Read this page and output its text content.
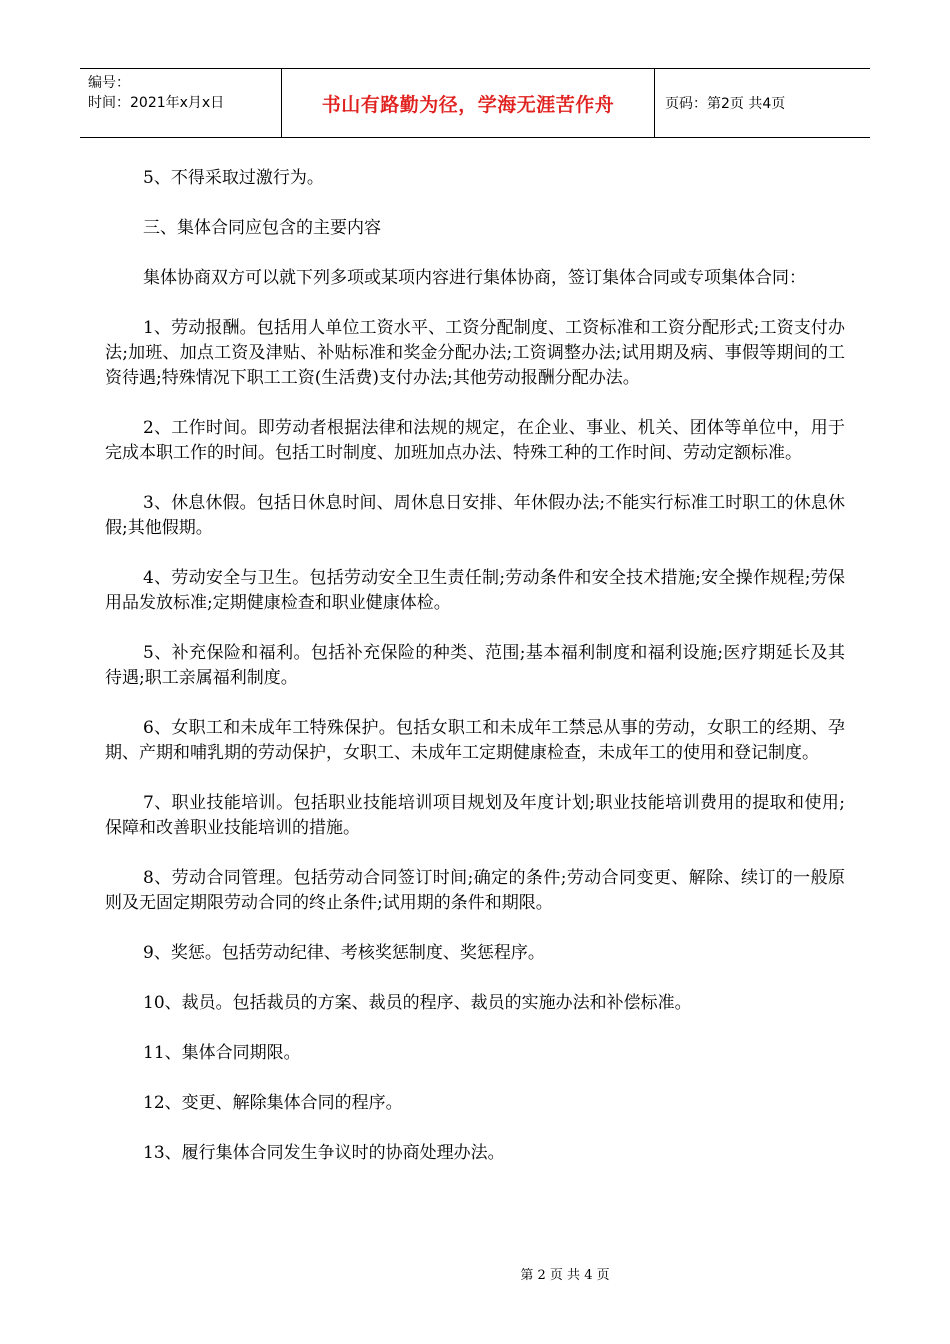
编号：
时间：2021年x月x日	书山有路勤为径，学海无涯苦作舟	页码：第2页 共4页

5、不得采取过激行为。

三、集体合同应包含的主要内容

集体协商双方可以就下列多项或某项内容进行集体协商，签订集体合同或专项集体合同：

1、劳动报酬。包括用人单位工资水平、工资分配制度、工资标准和工资分配形式;工资支付办法;加班、加点工资及津贴、补贴标准和奖金分配办法;工资调整办法;试用期及病、事假等期间的工资待遇;特殊情况下职工工资(生活费)支付办法;其他劳动报酬分配办法。

2、工作时间。即劳动者根据法律和法规的规定，在企业、事业、机关、团体等单位中，用于完成本职工作的时间。包括工时制度、加班加点办法、特殊工种的工作时间、劳动定额标准。

3、休息休假。包括日休息时间、周休息日安排、年休假办法;不能实行标准工时职工的休息休假;其他假期。

4、劳动安全与卫生。包括劳动安全卫生责任制;劳动条件和安全技术措施;安全操作规程;劳保用品发放标准;定期健康检查和职业健康体检。

5、补充保险和福利。包括补充保险的种类、范围;基本福利制度和福利设施;医疗期延长及其待遇;职工亲属福利制度。

6、女职工和未成年工特殊保护。包括女职工和未成年工禁忌从事的劳动，女职工的经期、孕期、产期和哺乳期的劳动保护，女职工、未成年工定期健康检查，未成年工的使用和登记制度。

7、职业技能培训。包括职业技能培训项目规划及年度计划;职业技能培训费用的提取和使用;保障和改善职业技能培训的措施。

8、劳动合同管理。包括劳动合同签订时间;确定的条件;劳动合同变更、解除、续订的一般原则及无固定期限劳动合同的终止条件;试用期的条件和期限。

9、奖惩。包括劳动纪律、考核奖惩制度、奖惩程序。

10、裁员。包括裁员的方案、裁员的程序、裁员的实施办法和补偿标准。

11、集体合同期限。

12、变更、解除集体合同的程序。

13、履行集体合同发生争议时的协商处理办法。

第 2 页 共 4 页
